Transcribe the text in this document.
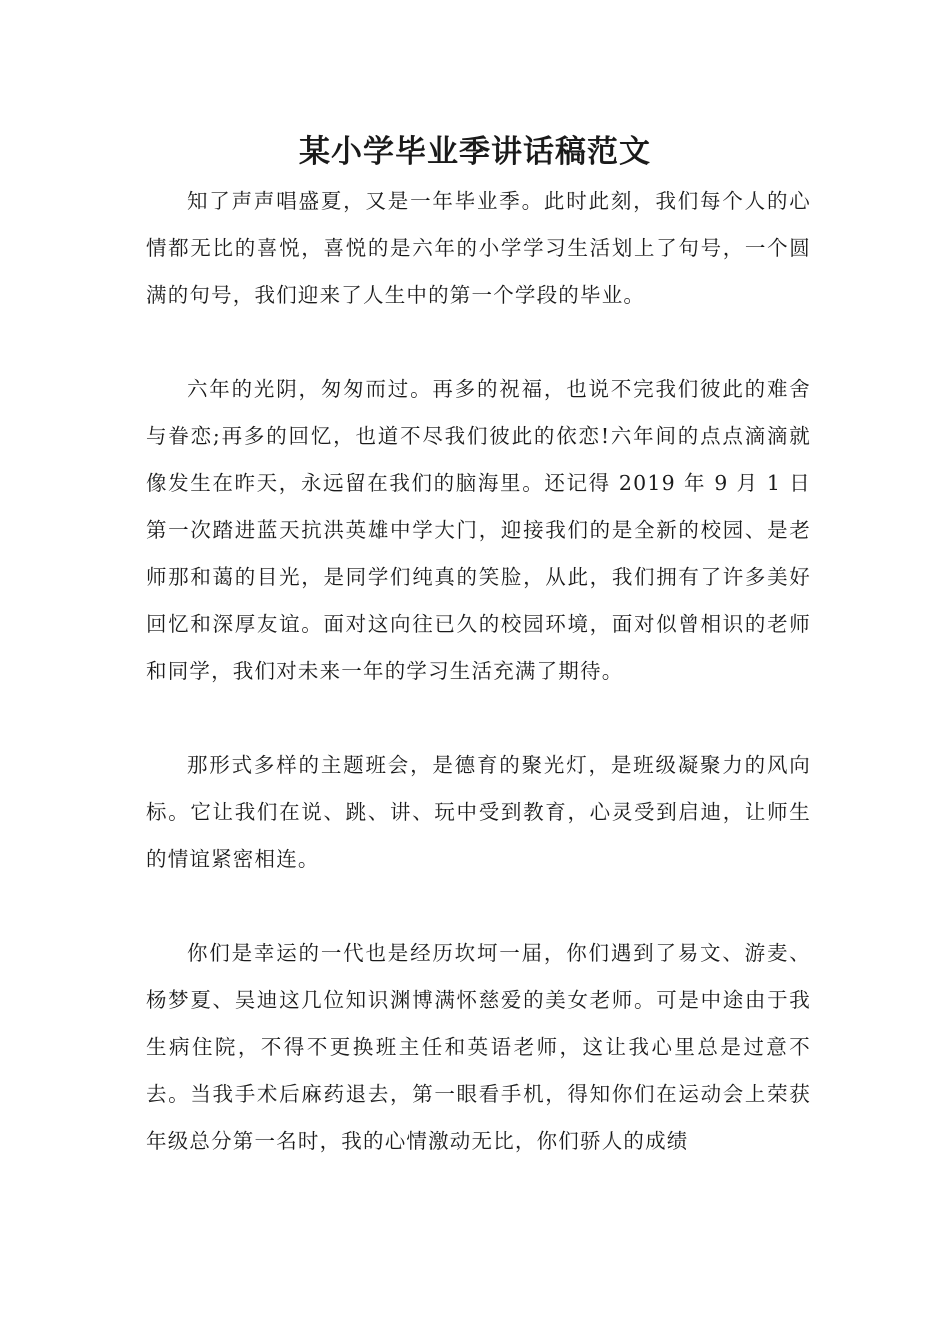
某小学毕业季讲话稿范文

知了声声唱盛夏，又是一年毕业季。此时此刻，我们每个人的心情都无比的喜悦，喜悦的是六年的小学学习生活划上了句号，一个圆满的句号，我们迎来了人生中的第一个学段的毕业。

六年的光阴，匆匆而过。再多的祝福，也说不完我们彼此的难舍与眷恋;再多的回忆，也道不尽我们彼此的依恋!六年间的点点滴滴就像发生在昨天，永远留在我们的脑海里。还记得 2019 年 9 月 1 日第一次踏进蓝天抗洪英雄中学大门，迎接我们的是全新的校园、是老师那和蔼的目光，是同学们纯真的笑脸，从此，我们拥有了许多美好回忆和深厚友谊。面对这向往已久的校园环境，面对似曾相识的老师和同学，我们对未来一年的学习生活充满了期待。

那形式多样的主题班会，是德育的聚光灯，是班级凝聚力的风向标。它让我们在说、跳、讲、玩中受到教育，心灵受到启迪，让师生的情谊紧密相连。

你们是幸运的一代也是经历坎坷一届，你们遇到了易文、游麦、杨梦夏、吴迪这几位知识渊博满怀慈爱的美女老师。可是中途由于我生病住院，不得不更换班主任和英语老师，这让我心里总是过意不去。当我手术后麻药退去，第一眼看手机，得知你们在运动会上荣获年级总分第一名时，我的心情激动无比，你们骄人的成绩
